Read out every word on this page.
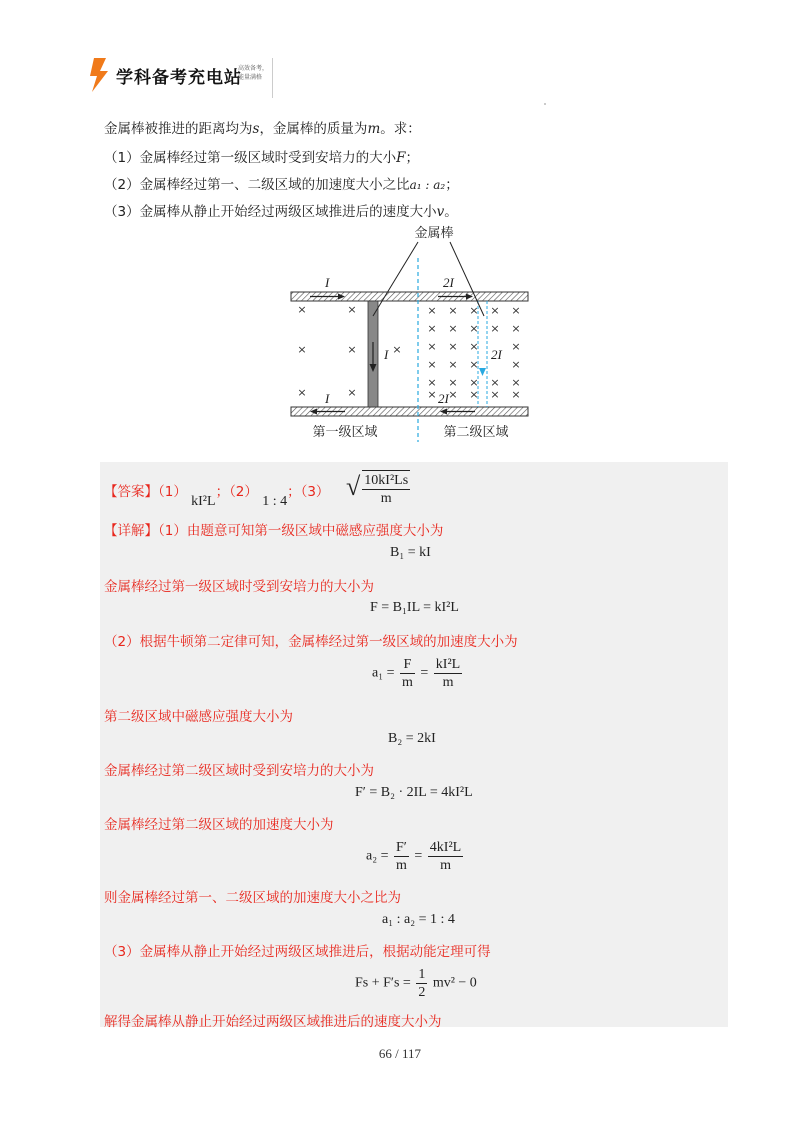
学科备考充电站
高效备考，
能量满格
金属棒被推进的距离均为s，金属棒的质量为m。求：
（1）金属棒经过第一级区域时受到安培力的大小F；
（2）金属棒经过第一、二级区域的加速度大小之比a₁ : a₂；
（3）金属棒从静止开始经过两级区域推进后的速度大小v。
金属棒
I	2I
I	2I
I	2I
第一级区域	第二级区域
×
×
×
×
×
×
×
×
×
×
×
×
×
×
×
×
×
×
×
×
×
×
×
×
×
×
×
×
×
×
×
×
×
×
×
【答案】（1） kI²L；（2） 1 : 4；（3） √ $\frac{\text{10kI²Ls}}{m}$
【详解】（1）由题意可知第一级区域中磁感应强度大小为
B₁ = kI
金属棒经过第一级区域时受到安培力的大小为
F = B₁IL = kI²L
（2）根据牛顿第二定律可知，金属棒经过第一级区域的加速度大小为
$a_1 = \frac{F}{m} = \frac{\text{kI²L}}{m}$
第二级区域中磁感应强度大小为
B₂ = 2kI
金属棒经过第二级区域时受到安培力的大小为
F′ = B₂ · 2IL = 4kI²L
金属棒经过第二级区域的加速度大小为
$a_2 = \frac{F'}{m} = \frac{\text{4kI²L}}{m}$
则金属棒经过第一、二级区域的加速度大小之比为
a₁ : a₂ = 1 : 4
（3）金属棒从静止开始经过两级区域推进后，根据动能定理可得
$Fs + F's = \frac{1}{2} mv^2 - 0$
解得金属棒从静止开始经过两级区域推进后的速度大小为
66 / 117
